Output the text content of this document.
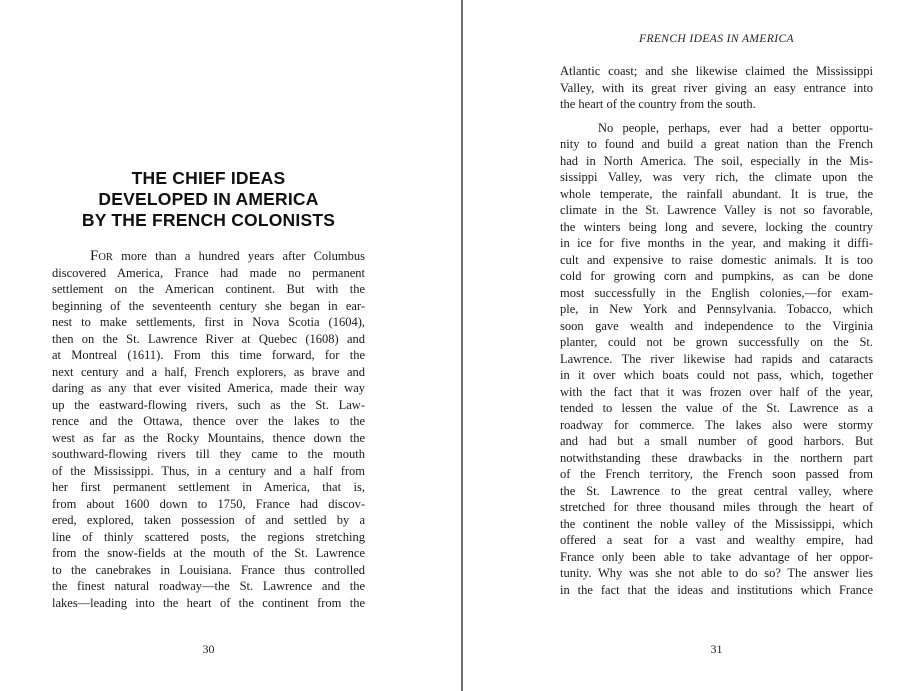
THE CHIEF IDEAS
DEVELOPED IN AMERICA
BY THE FRENCH COLONISTS
FOR more than a hundred years after Columbus
discovered America, France had made no permanent
settlement on the American continent. But with the
beginning of the seventeenth century she began in ear-
nest to make settlements, first in Nova Scotia (1604),
then on the St. Lawrence River at Quebec (1608) and
at Montreal (1611). From this time forward, for the
next century and a half, French explorers, as brave and
daring as any that ever visited America, made their way
up the eastward-flowing rivers, such as the St. Law-
rence and the Ottawa, thence over the lakes to the
west as far as the Rocky Mountains, thence down the
southward-flowing rivers till they came to the mouth
of the Mississippi. Thus, in a century and a half from
her first permanent settlement in America, that is,
from about 1600 down to 1750, France had discov-
ered, explored, taken possession of and settled by a
line of thinly scattered posts, the regions stretching
from the snow-fields at the mouth of the St. Lawrence
to the canebrakes in Louisiana. France thus controlled
the finest natural roadway—the St. Lawrence and the
lakes—leading into the heart of the continent from the
30
FRENCH IDEAS IN AMERICA
Atlantic coast; and she likewise claimed the Mississippi
Valley, with its great river giving an easy entrance into
the heart of the country from the south.
No people, perhaps, ever had a better opportu-
nity to found and build a great nation than the French
had in North America. The soil, especially in the Mis-
sissippi Valley, was very rich, the climate upon the
whole temperate, the rainfall abundant. It is true, the
climate in the St. Lawrence Valley is not so favorable,
the winters being long and severe, locking the country
in ice for five months in the year, and making it diffi-
cult and expensive to raise domestic animals. It is too
cold for growing corn and pumpkins, as can be done
most successfully in the English colonies,—for exam-
ple, in New York and Pennsylvania. Tobacco, which
soon gave wealth and independence to the Virginia
planter, could not be grown successfully on the St.
Lawrence. The river likewise had rapids and cataracts
in it over which boats could not pass, which, together
with the fact that it was frozen over half of the year,
tended to lessen the value of the St. Lawrence as a
roadway for commerce. The lakes also were stormy
and had but a small number of good harbors. But
notwithstanding these drawbacks in the northern part
of the French territory, the French soon passed from
the St. Lawrence to the great central valley, where
stretched for three thousand miles through the heart of
the continent the noble valley of the Mississippi, which
offered a seat for a vast and wealthy empire, had
France only been able to take advantage of her oppor-
tunity. Why was she not able to do so? The answer lies
in the fact that the ideas and institutions which France
31
